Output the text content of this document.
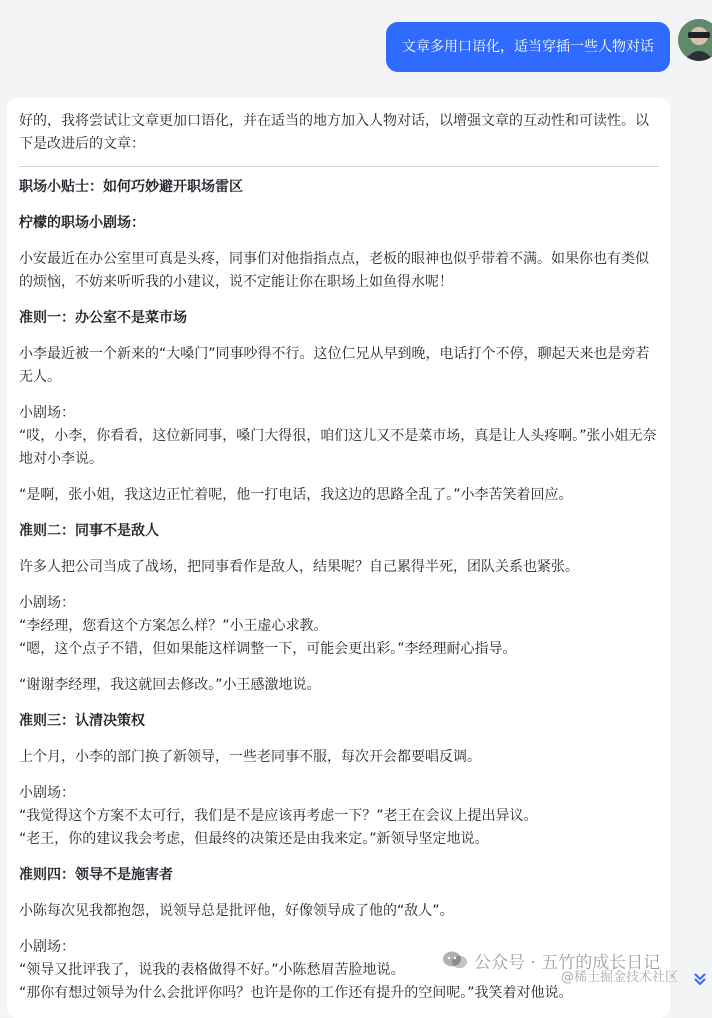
文章多用口语化，适当穿插一些人物对话

好的，我将尝试让文章更加口语化，并在适当的地方加入人物对话，以增强文章的互动性和可读性。以下是改进后的文章：

职场小贴士：如何巧妙避开职场雷区

柠檬的职场小剧场：

小安最近在办公室里可真是头疼，同事们对他指指点点，老板的眼神也似乎带着不满。如果你也有类似的烦恼，不妨来听听我的小建议，说不定能让你在职场上如鱼得水呢！

准则一：办公室不是菜市场

小李最近被一个新来的“大嗓门”同事吵得不行。这位仁兄从早到晚，电话打个不停，聊起天来也是旁若无人。

小剧场：

“哎，小李，你看看，这位新同事，嗓门大得很，咱们这儿又不是菜市场，真是让人头疼啊。”张小姐无奈地对小李说。

“是啊，张小姐，我这边正忙着呢，他一打电话，我这边的思路全乱了。”小李苦笑着回应。

准则二：同事不是敌人

许多人把公司当成了战场，把同事看作是敌人，结果呢？自己累得半死，团队关系也紧张。

小剧场：

“李经理，您看这个方案怎么样？”小王虚心求教。

“嗯，这个点子不错，但如果能这样调整一下，可能会更出彩。”李经理耐心指导。

“谢谢李经理，我这就回去修改。”小王感激地说。

准则三：认清决策权

上个月，小李的部门换了新领导，一些老同事不服，每次开会都要唱反调。

小剧场：

“我觉得这个方案不太可行，我们是不是应该再考虑一下？”老王在会议上提出异议。

“老王，你的建议我会考虑，但最终的决策还是由我来定。”新领导坚定地说。

准则四：领导不是施害者

小陈每次见我都抱怨，说领导总是批评他，好像领导成了他的“敌人”。

小剧场：

“领导又批评我了，说我的表格做得不好。”小陈愁眉苦脸地说。

“那你有想过领导为什么会批评你吗？也许是你的工作还有提升的空间呢。”我笑着对他说。

公众号 · 五竹的成长日记
@稀土掘金技术社区
